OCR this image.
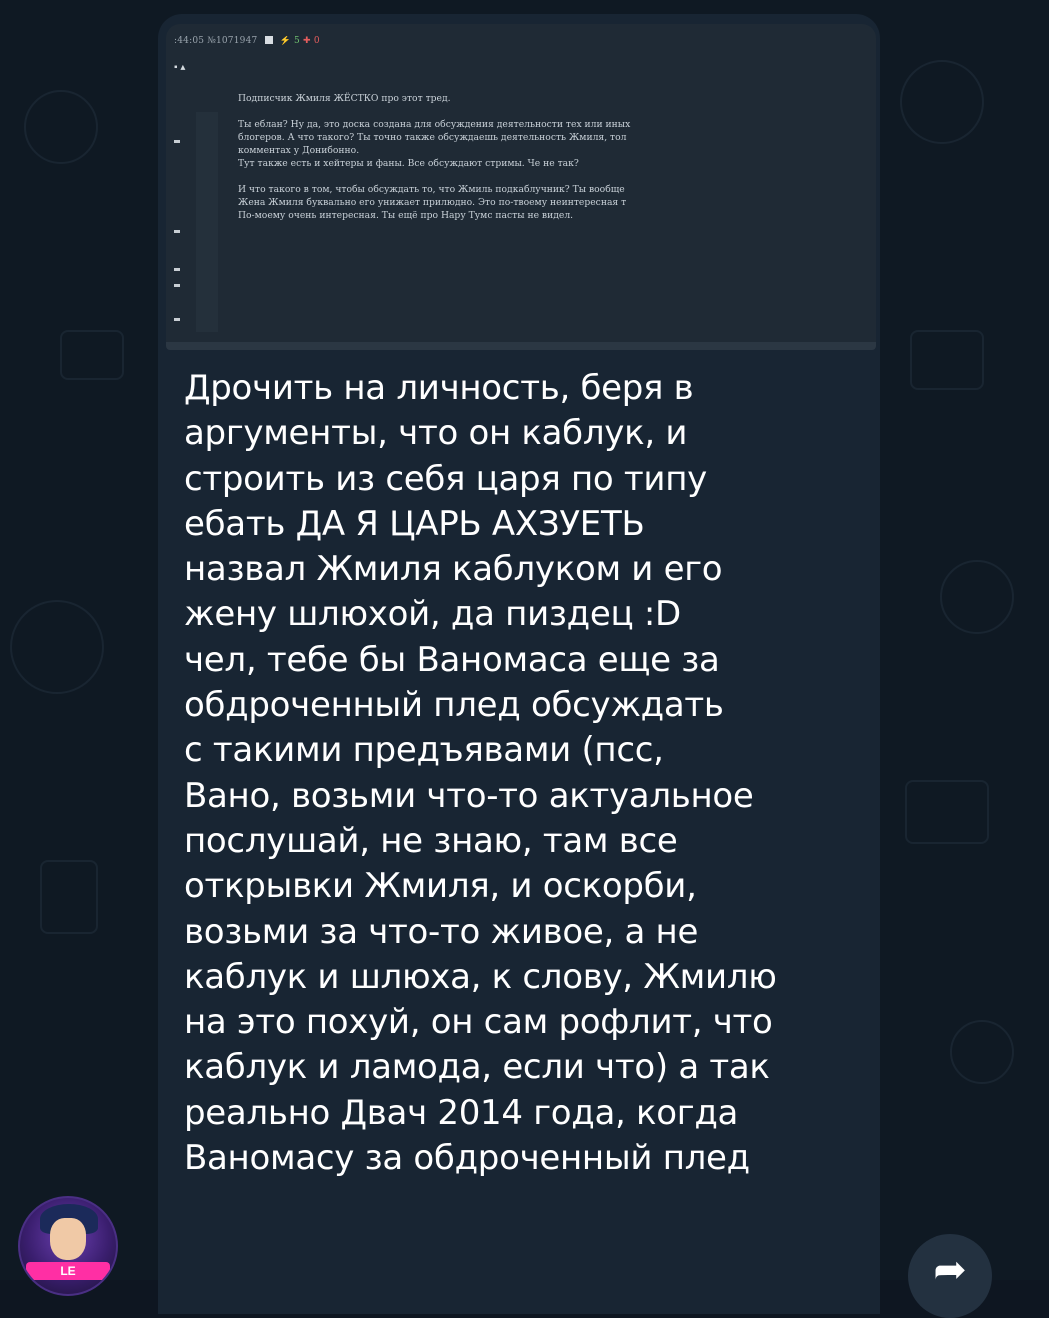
:44:05 №1071947 ⚡ 5 ✚ 0
▪ ▴
Подписчик Жмиля ЖЁСТКО про этот тред.
Ты еблан? Ну да, это доска создана для обсуждения деятельности тех или иных
блогеров. А что такого? Ты точно также обсуждаешь деятельность Жмиля, тол
комментах у Донибонно.
Тут также есть и хейтеры и фаны. Все обсуждают стримы. Че не так?
И что такого в том, чтобы обсуждать то, что Жмиль подкаблучник? Ты вообще
Жена Жмиля буквально его унижает прилюдно. Это по-твоему неинтересная т
По-моему очень интересная. Ты ещё про Нару Тумс пасты не видел.
Дрочить на личность, беря в
аргументы, что он каблук, и
строить из себя царя по типу
ебать ДА Я ЦАРЬ АХЗУЕТЬ
назвал Жмиля каблуком и его
жену шлюхой, да пиздец :D
чел, тебе бы Ваномаса еще за
обдроченный плед обсуждать
с такими предъявами (псс,
Вано, возьми что-то актуальное
послушай, не знаю, там все
открывки Жмиля, и оскорби,
возьми за что-то живое, а не
каблук и шлюха, к слову, Жмилю
на это похуй, он сам рофлит, что
каблук и ламода, если что) а так
реально Двач 2014 года, когда
Ваномасу за обдроченный плед
LE	➦
